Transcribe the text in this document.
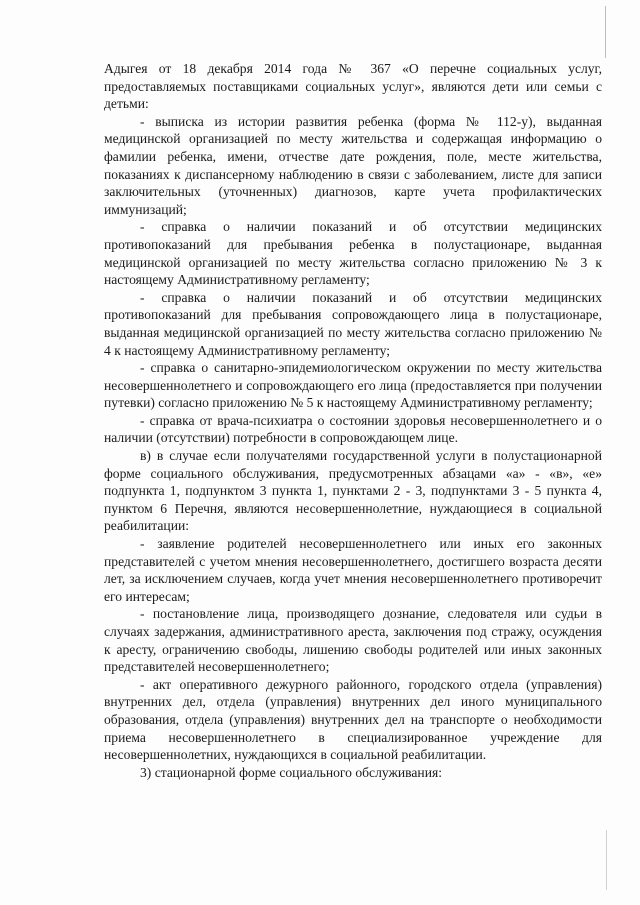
Адыгея от 18 декабря 2014 года № 367 «О перечне социальных услуг, предоставляемых поставщиками социальных услуг», являются дети или семьи с детьми:

- выписка из истории развития ребенка (форма № 112-у), выданная медицинской организацией по месту жительства и содержащая информацию о фамилии ребенка, имени, отчестве дате рождения, поле, месте жительства, показаниях к диспансерному наблюдению в связи с заболеванием, листе для записи заключительных (уточненных) диагнозов, карте учета профилактических иммунизаций;

- справка о наличии показаний и об отсутствии медицинских противопоказаний для пребывания ребенка в полустационаре, выданная медицинской организацией по месту жительства согласно приложению № 3 к настоящему Административному регламенту;

- справка о наличии показаний и об отсутствии медицинских противопоказаний для пребывания сопровождающего лица в полустационаре, выданная медицинской организацией по месту жительства согласно приложению № 4 к настоящему Административному регламенту;

- справка о санитарно-эпидемиологическом окружении по месту жительства несовершеннолетнего и сопровождающего его лица (предоставляется при получении путевки) согласно приложению № 5 к настоящему Административному регламенту;

- справка от врача-психиатра о состоянии здоровья несовершеннолетнего и о наличии (отсутствии) потребности в сопровождающем лице.

в) в случае если получателями государственной услуги в полустационарной форме социального обслуживания, предусмотренных абзацами «а» - «в», «е» подпункта 1, подпунктом 3 пункта 1, пунктами 2 - 3, подпунктами 3 - 5 пункта 4, пунктом 6 Перечня, являются несовершеннолетние, нуждающиеся в социальной реабилитации:

- заявление родителей несовершеннолетнего или иных его законных представителей с учетом мнения несовершеннолетнего, достигшего возраста десяти лет, за исключением случаев, когда учет мнения несовершеннолетнего противоречит его интересам;

- постановление лица, производящего дознание, следователя или судьи в случаях задержания, административного ареста, заключения под стражу, осуждения к аресту, ограничению свободы, лишению свободы родителей или иных законных представителей несовершеннолетнего;

- акт оперативного дежурного районного, городского отдела (управления) внутренних дел, отдела (управления) внутренних дел иного муниципального образования, отдела (управления) внутренних дел на транспорте о необходимости приема несовершеннолетнего в специализированное учреждение для несовершеннолетних, нуждающихся в социальной реабилитации.

3) стационарной форме социального обслуживания:
